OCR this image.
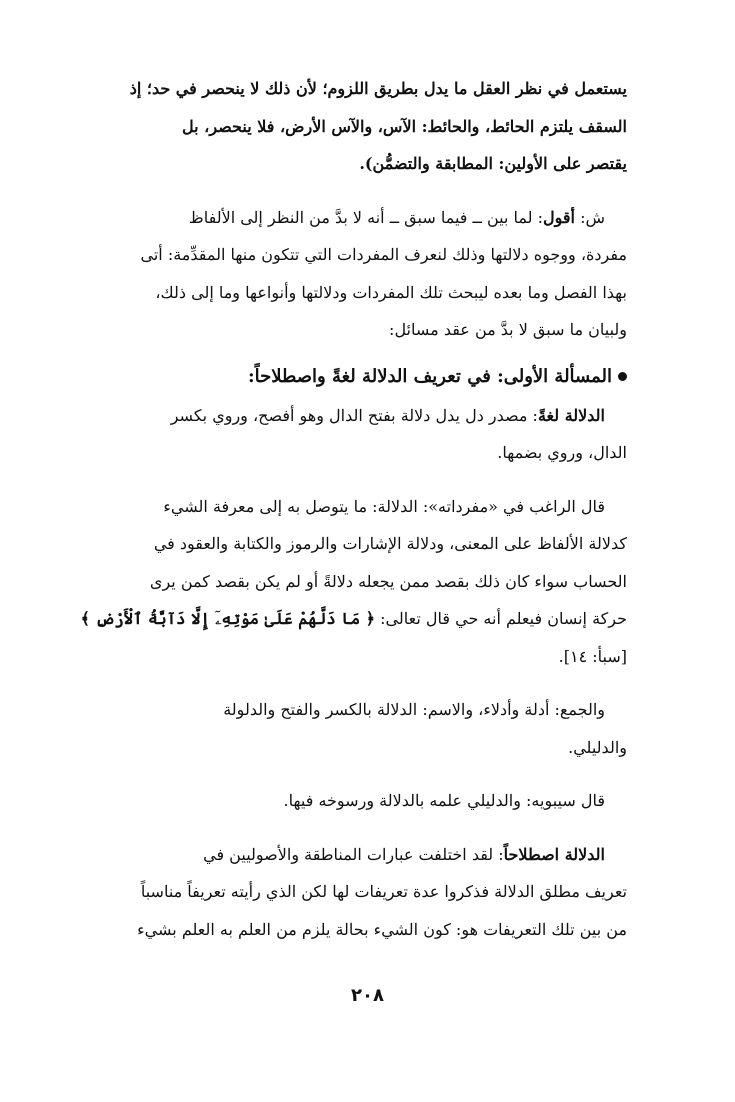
يستعمل في نظر العقل ما يدل بطريق اللزوم؛ لأن ذلك لا ينحصر في حد؛ إذ
السقف يلتزم الحائط، والحائط: الآس، والآس الأرض، فلا ينحصر، بل
يقتصر على الأولين: المطابقة والتضمُّن).
ش: أقول: لما بين ــ فيما سبق ــ أنه لا بدَّ من النظر إلى الألفاظ
مفردة، ووجوه دلالتها وذلك لنعرف المفردات التي تتكون منها المقدِّمة: أتى
بهذا الفصل وما بعده ليبحث تلك المفردات ودلالتها وأنواعها وما إلى ذلك،
ولبيان ما سبق لا بدَّ من عقد مسائل:
المسألة الأولى: في تعريف الدلالة لغةً واصطلاحاً:
الدلالة لغةً: مصدر دل يدل دلالة بفتح الدال وهو أفصح، وروي بكسر
الدال، وروي بضمها.
قال الراغب في «مفرداته»: الدلالة: ما يتوصل به إلى معرفة الشيء
كدلالة الألفاظ على المعنى، ودلالة الإشارات والرموز والكتابة والعقود في
الحساب سواء كان ذلك بقصد ممن يجعله دلالةً أو لم يكن بقصد كمن يرى
حركة إنسان فيعلم أنه حي قال تعالى: ﴿ مَا دَلَّهُمْ عَلَىٰ مَوْتِهِۦٓ إِلَّا دَآبَّةُ ٱلْأَرْضِ ﴾
[سبأ: ١٤].
والجمع: أدلة وأدلاء، والاسم: الدلالة بالكسر والفتح والدلولة
والدليلي.
قال سيبويه: والدليلي علمه بالدلالة ورسوخه فيها.
الدلالة اصطلاحاً: لقد اختلفت عبارات المناطقة والأصوليين في
تعريف مطلق الدلالة فذكروا عدة تعريفات لها لكن الذي رأيته تعريفاً مناسباً
من بين تلك التعريفات هو: كون الشيء بحالة يلزم من العلم به العلم بشيء
٢٠٨
